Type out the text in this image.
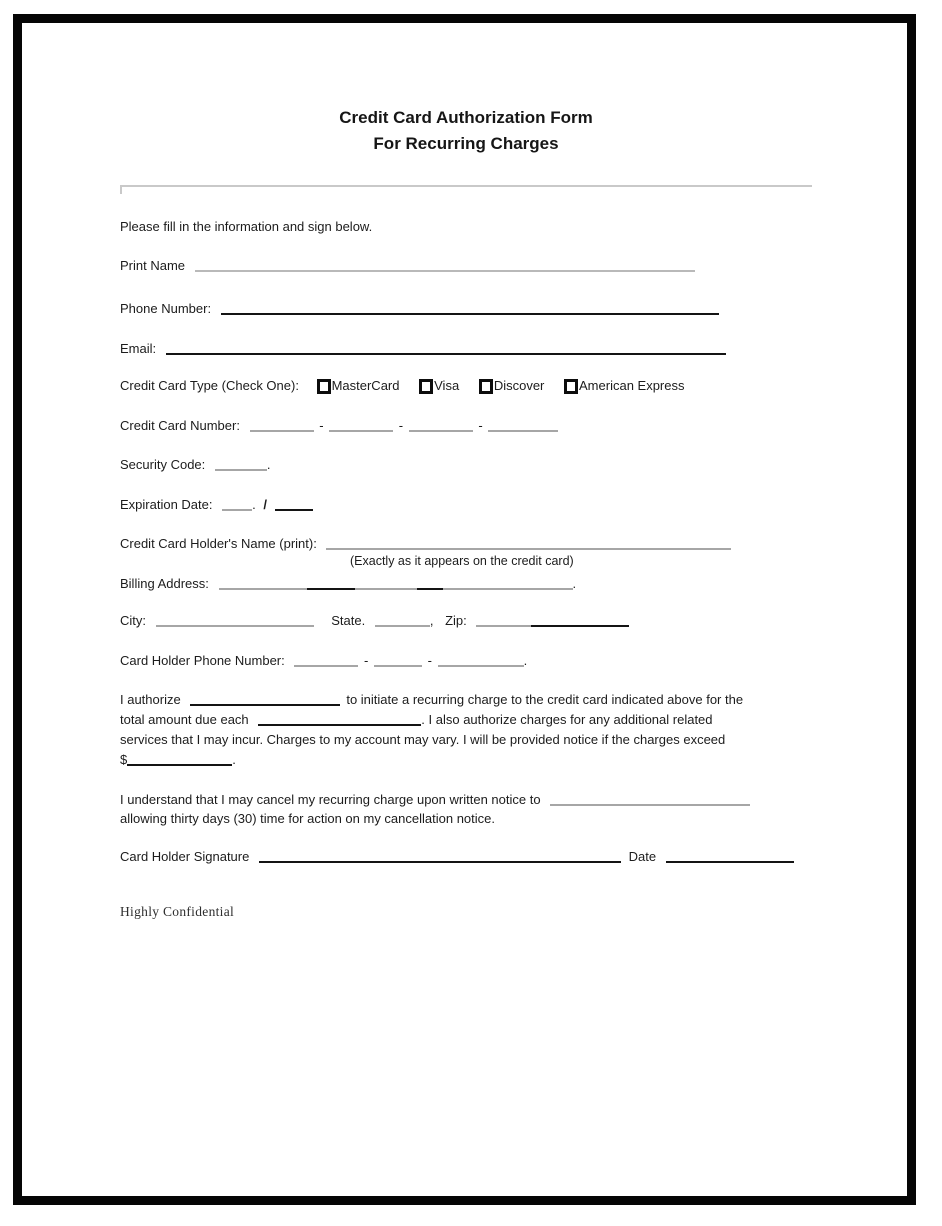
Credit Card Authorization Form
For Recurring Charges
Please fill in the information and sign below.
Print Name
Phone Number:
Email:
Credit Card Type (Check One):	MasterCard	Visa	Discover	American Express
Credit Card Number:	-	-	-
Security Code:	.
Expiration Date:	. /
Credit Card Holder's Name (print):
(Exactly as it appears on the credit card)
Billing Address:	.
City:	State.	, Zip:
Card Holder Phone Number:	-	-	.
I authorize	to initiate a recurring charge to the credit card indicated above for the
total amount due each	. I also authorize charges for any additional related
services that I may incur. Charges to my account may vary. I will be provided notice if the charges exceed
$	.
I understand that I may cancel my recurring charge upon written notice to
allowing thirty days (30) time for action on my cancellation notice.
Card Holder Signature	Date
Highly Confidential
